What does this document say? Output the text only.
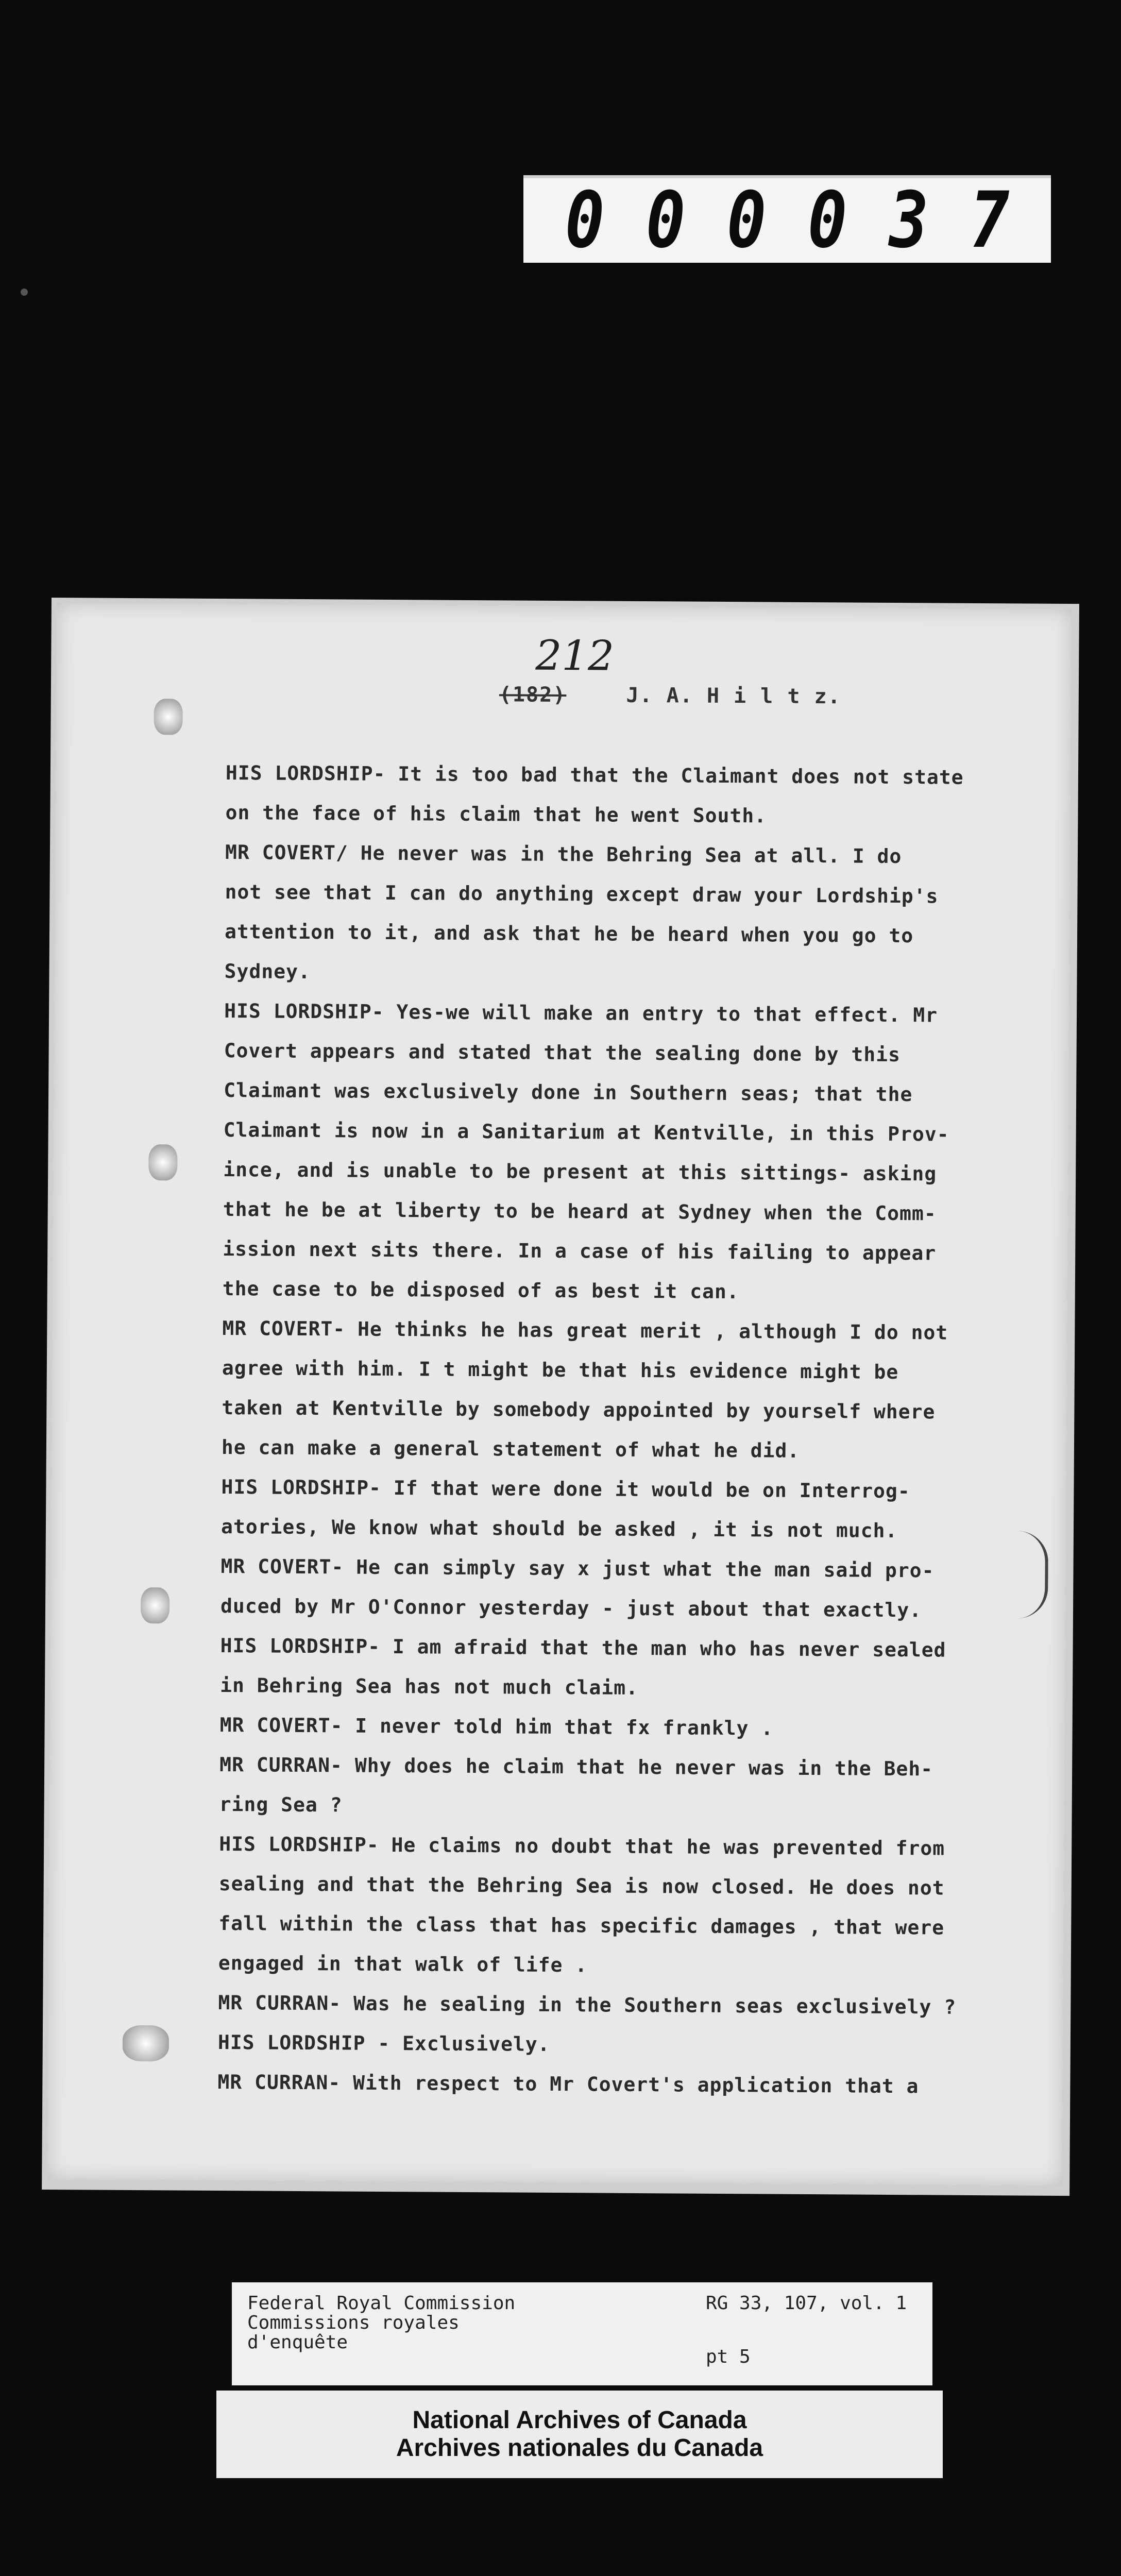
0 0 0 0 3 7
212
(182)	J. A. H i l t z.

HIS LORDSHIP- It is too bad that the Claimant does not state

on the face of his claim that he went South.

MR COVERT/ He never was in the Behring Sea at all. I do

not see that I can do anything except draw your Lordship's

attention to it, and ask that he be heard when you go to

Sydney.

HIS LORDSHIP- Yes-we will make an entry to that effect. Mr

Covert appears and stated that the sealing done by this

Claimant was exclusively done in Southern seas; that the

Claimant is now in a Sanitarium at Kentville, in this Prov-

ince, and is unable to be present at this sittings- asking

that he be at liberty to be heard at Sydney when the Comm-

ission next sits there. In a case of his failing to appear

the case to be disposed of as best it can.

MR COVERT- He thinks he has great merit , although I do not

agree with him. I t might be that his evidence might be

taken at Kentville by somebody appointed by yourself where

he can make a general statement of what he did.

HIS LORDSHIP- If that were done it would be on Interrog-

atories, We know what should be asked , it is not much.

MR COVERT- He can simply say x just what the man said pro-

duced by Mr O'Connor yesterday - just about that exactly.

HIS LORDSHIP- I am afraid that the man who has never sealed

in Behring Sea has not much claim.

MR COVERT- I never told him that fx frankly .

MR CURRAN- Why does he claim that he never was in the Beh-

ring Sea ?

HIS LORDSHIP- He claims no doubt that he was prevented from

sealing and that the Behring Sea is now closed. He does not

fall within the class that has specific damages , that were

engaged in that walk of life .

MR CURRAN- Was he sealing in the Southern seas exclusively ?

HIS LORDSHIP - Exclusively.

MR CURRAN- With respect to Mr Covert's application that a

Federal Royal Commission
Commissions royales
d'enquête
RG 33, 107, vol. 1
pt 5
National Archives of Canada
Archives nationales du Canada
